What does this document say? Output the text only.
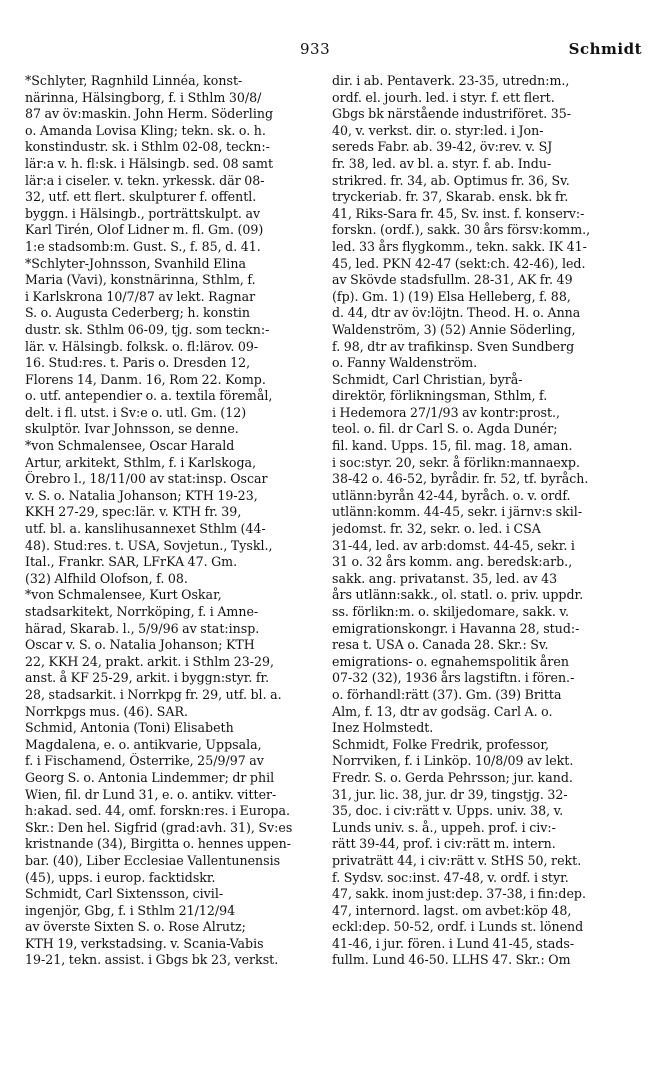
933	Schmidt
*Schlyter, Ragnhild Linnéa, konst-
närinna, Hälsingborg, f. i Sthlm 30/8/
87 av öv:maskin. John Herm. Söderling
o. Amanda Lovisa Kling; tekn. sk. o. h.
konstindustr. sk. i Sthlm 02-08, teckn:-
lär:a v. h. fl:sk. i Hälsingb. sed. 08 samt
lär:a i ciseler. v. tekn. yrkessk. där 08-
32, utf. ett flert. skulpturer f. offentl.
byggn. i Hälsingb., porträttskulpt. av
Karl Tirén, Olof Lidner m. fl. Gm. (09)
1:e stadsomb:m. Gust. S., f. 85, d. 41.
*Schlyter-Johnsson, Svanhild Elina
Maria (Vavi), konstnärinna, Sthlm, f.
i Karlskrona 10/7/87 av lekt. Ragnar
S. o. Augusta Cederberg; h. konstin
dustr. sk. Sthlm 06-09, tjg. som teckn:-
lär. v. Hälsingb. folksk. o. fl:lärov. 09-
16. Stud:res. t. Paris o. Dresden 12,
Florens 14, Danm. 16, Rom 22. Komp.
o. utf. antependier o. a. textila föremål,
delt. i fl. utst. i Sv:e o. utl. Gm. (12)
skulptör. Ivar Johnsson, se denne.
*von Schmalensee, Oscar Harald
Artur, arkitekt, Sthlm, f. i Karlskoga,
Örebro l., 18/11/00 av stat:insp. Oscar
v. S. o. Natalia Johanson; KTH 19-23,
KKH 27-29, spec:lär. v. KTH fr. 39,
utf. bl. a. kanslihusannexet Sthlm (44-
48). Stud:res. t. USA, Sovjetun., Tyskl.,
Ital., Frankr. SAR, LFrKA 47. Gm.
(32) Alfhild Olofson, f. 08.
*von Schmalensee, Kurt Oskar,
stadsarkitekt, Norrköping, f. i Amne-
härad, Skarab. l., 5/9/96 av stat:insp.
Oscar v. S. o. Natalia Johanson; KTH
22, KKH 24, prakt. arkit. i Sthlm 23-29,
anst. å KF 25-29, arkit. i byggn:styr. fr.
28, stadsarkit. i Norrkpg fr. 29, utf. bl. a.
Norrkpgs mus. (46). SAR.
Schmid, Antonia (Toni) Elisabeth
Magdalena, e. o. antikvarie, Uppsala,
f. i Fischamend, Österrike, 25/9/97 av
Georg S. o. Antonia Lindemmer; dr phil
Wien, fil. dr Lund 31, e. o. antikv. vitter-
h:akad. sed. 44, omf. forskn:res. i Europa.
Skr.: Den hel. Sigfrid (grad:avh. 31), Sv:es
kristnande (34), Birgitta o. hennes uppen-
bar. (40), Liber Ecclesiae Vallentunensis
(45), upps. i europ. facktidskr.
Schmidt, Carl Sixtensson, civil-
ingenjör, Gbg, f. i Sthlm 21/12/94
av överste Sixten S. o. Rose Alrutz;
KTH 19, verkstadsing. v. Scania-Vabis
19-21, tekn. assist. i Gbgs bk 23, verkst.
dir. i ab. Pentaverk. 23-35, utredn:m.,
ordf. el. jourh. led. i styr. f. ett flert.
Gbgs bk närstående industriföret. 35-
40, v. verkst. dir. o. styr:led. i Jon-
sereds Fabr. ab. 39-42, öv:rev. v. SJ
fr. 38, led. av bl. a. styr. f. ab. Indu-
strikred. fr. 34, ab. Optimus fr. 36, Sv.
tryckeriab. fr. 37, Skarab. ensk. bk fr.
41, Riks-Sara fr. 45, Sv. inst. f. konserv:-
forskn. (ordf.), sakk. 30 års försv:komm.,
led. 33 års flygkomm., tekn. sakk. IK 41-
45, led. PKN 42-47 (sekt:ch. 42-46), led.
av Skövde stadsfullm. 28-31, AK fr. 49
(fp). Gm. 1) (19) Elsa Helleberg, f. 88,
d. 44, dtr av öv:löjtn. Theod. H. o. Anna
Waldenström, 3) (52) Annie Söderling,
f. 98, dtr av trafikinsp. Sven Sundberg
o. Fanny Waldenström.
Schmidt, Carl Christian, byrå-
direktör, förlikningsman, Sthlm, f.
i Hedemora 27/1/93 av kontr:prost.,
teol. o. fil. dr Carl S. o. Agda Dunér;
fil. kand. Upps. 15, fil. mag. 18, aman.
i soc:styr. 20, sekr. å förlikn:mannaexp.
38-42 o. 46-52, byrådir. fr. 52, tf. byråch.
utlänn:byrån 42-44, byråch. o. v. ordf.
utlänn:komm. 44-45, sekr. i järnv:s skil-
jedomst. fr. 32, sekr. o. led. i CSA
31-44, led. av arb:domst. 44-45, sekr. i
31 o. 32 års komm. ang. beredsk:arb.,
sakk. ang. privatanst. 35, led. av 43
års utlänn:sakk., ol. statl. o. priv. uppdr.
ss. förlikn:m. o. skiljedomare, sakk. v.
emigrationskongr. i Havanna 28, stud:-
resa t. USA o. Canada 28. Skr.: Sv.
emigrations- o. egnahemspolitik åren
07-32 (32), 1936 års lagstiftn. i fören.-
o. förhandl:rätt (37). Gm. (39) Britta
Alm, f. 13, dtr av godsäg. Carl A. o.
Inez Holmstedt.
Schmidt, Folke Fredrik, professor,
Norrviken, f. i Linköp. 10/8/09 av lekt.
Fredr. S. o. Gerda Pehrsson; jur. kand.
31, jur. lic. 38, jur. dr 39, tingstjg. 32-
35, doc. i civ:rätt v. Upps. univ. 38, v.
Lunds univ. s. å., uppeh. prof. i civ:-
rätt 39-44, prof. i civ:rätt m. intern.
privaträtt 44, i civ:rätt v. StHS 50, rekt.
f. Sydsv. soc:inst. 47-48, v. ordf. i styr.
47, sakk. inom just:dep. 37-38, i fin:dep.
47, internord. lagst. om avbet:köp 48,
eckl:dep. 50-52, ordf. i Lunds st. lönend
41-46, i jur. fören. i Lund 41-45, stads-
fullm. Lund 46-50. LLHS 47. Skr.: Om
